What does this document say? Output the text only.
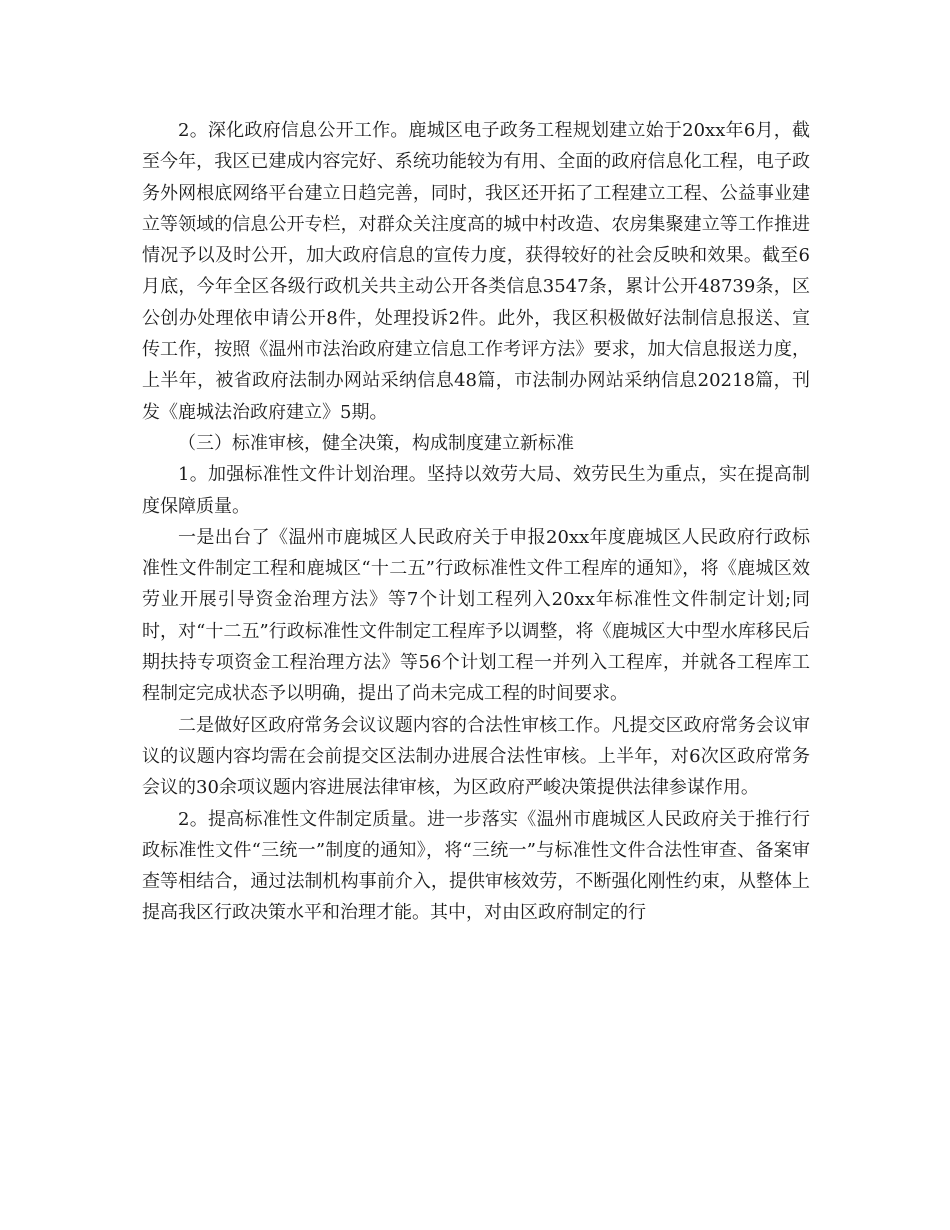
2。深化政府信息公开工作。鹿城区电子政务工程规划建立始于20xx年6月，截至今年，我区已建成内容完好、系统功能较为有用、全面的政府信息化工程，电子政务外网根底网络平台建立日趋完善，同时，我区还开拓了工程建立工程、公益事业建立等领域的信息公开专栏，对群众关注度高的城中村改造、农房集聚建立等工作推进情况予以及时公开，加大政府信息的宣传力度，获得较好的社会反映和效果。截至6月底，今年全区各级行政机关共主动公开各类信息3547条，累计公开48739条，区公创办处理依申请公开8件，处理投诉2件。此外，我区积极做好法制信息报送、宣传工作，按照《温州市法治政府建立信息工作考评方法》要求，加大信息报送力度，上半年，被省政府法制办网站采纳信息48篇，市法制办网站采纳信息20218篇，刊发《鹿城法治政府建立》5期。

（三）标准审核，健全决策，构成制度建立新标准

1。加强标准性文件计划治理。坚持以效劳大局、效劳民生为重点，实在提高制度保障质量。

一是出台了《温州市鹿城区人民政府关于申报20xx年度鹿城区人民政府行政标准性文件制定工程和鹿城区“十二五”行政标准性文件工程库的通知》，将《鹿城区效劳业开展引导资金治理方法》等7个计划工程列入20xx年标准性文件制定计划;同时，对“十二五”行政标准性文件制定工程库予以调整，将《鹿城区大中型水库移民后期扶持专项资金工程治理方法》等56个计划工程一并列入工程库，并就各工程库工程制定完成状态予以明确，提出了尚未完成工程的时间要求。

二是做好区政府常务会议议题内容的合法性审核工作。凡提交区政府常务会议审议的议题内容均需在会前提交区法制办进展合法性审核。上半年，对6次区政府常务会议的30余项议题内容进展法律审核，为区政府严峻决策提供法律参谋作用。

2。提高标准性文件制定质量。进一步落实《温州市鹿城区人民政府关于推行行政标准性文件“三统一”制度的通知》，将“三统一”与标准性文件合法性审查、备案审查等相结合，通过法制机构事前介入，提供审核效劳，不断强化刚性约束，从整体上提高我区行政决策水平和治理才能。其中，对由区政府制定的行
